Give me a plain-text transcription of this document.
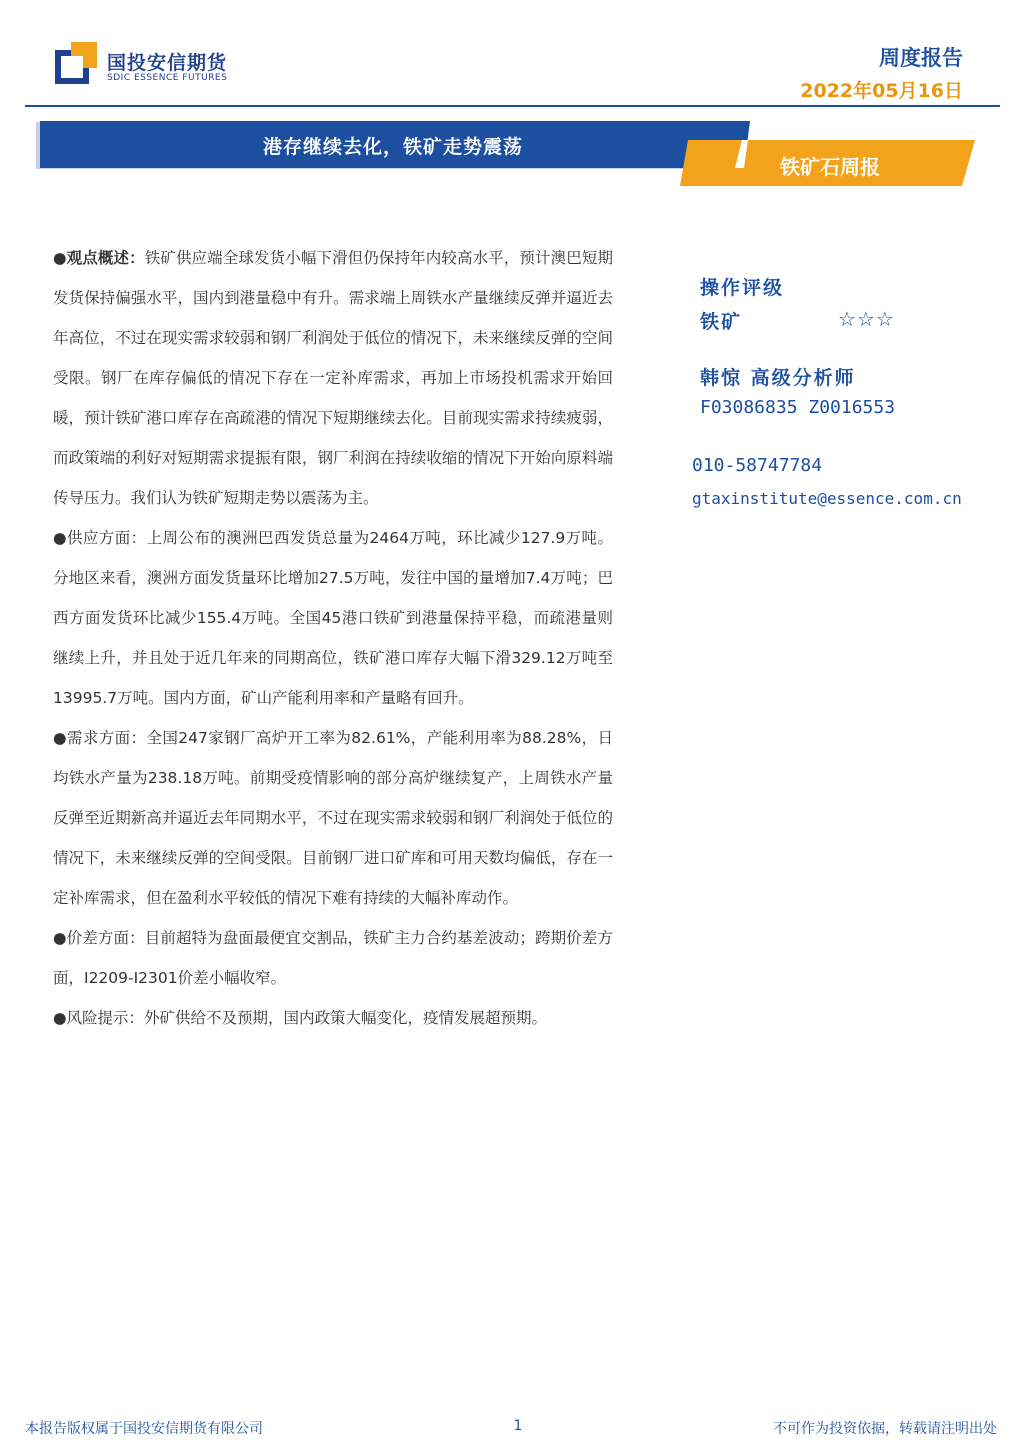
国投安信期货
SDIC ESSENCE FUTURES
周度报告
2022年05月16日
港存继续去化，铁矿走势震荡
铁矿石周报

●观点概述：铁矿供应端全球发货小幅下滑但仍保持年内较高水平，预计澳巴短期发货保持偏强水平，国内到港量稳中有升。需求端上周铁水产量继续反弹并逼近去年高位，不过在现实需求较弱和钢厂利润处于低位的情况下，未来继续反弹的空间受限。钢厂在库存偏低的情况下存在一定补库需求，再加上市场投机需求开始回暖，预计铁矿港口库存在高疏港的情况下短期继续去化。目前现实需求持续疲弱，而政策端的利好对短期需求提振有限，钢厂利润在持续收缩的情况下开始向原料端传导压力。我们认为铁矿短期走势以震荡为主。

●供应方面：上周公布的澳洲巴西发货总量为2464万吨，环比减少127.9万吨。分地区来看，澳洲方面发货量环比增加27.5万吨，发往中国的量增加7.4万吨；巴西方面发货环比减少155.4万吨。全国45港口铁矿到港量保持平稳，而疏港量则继续上升，并且处于近几年来的同期高位，铁矿港口库存大幅下滑329.12万吨至13995.7万吨。国内方面，矿山产能利用率和产量略有回升。

●需求方面：全国247家钢厂高炉开工率为82.61%，产能利用率为88.28%，日均铁水产量为238.18万吨。前期受疫情影响的部分高炉继续复产，上周铁水产量反弹至近期新高并逼近去年同期水平，不过在现实需求较弱和钢厂利润处于低位的情况下，未来继续反弹的空间受限。目前钢厂进口矿库和可用天数均偏低，存在一定补库需求，但在盈利水平较低的情况下难有持续的大幅补库动作。

●价差方面：目前超特为盘面最便宜交割品，铁矿主力合约基差波动；跨期价差方面，I2209-I2301价差小幅收窄。

●风险提示：外矿供给不及预期，国内政策大幅变化，疫情发展超预期。

操作评级
铁矿	☆☆☆
韩惊 高级分析师
F03086835 Z0016553
010-58747784
gtaxinstitute@essence.com.cn
本报告版权属于国投安信期货有限公司	1	不可作为投资依据，转载请注明出处
